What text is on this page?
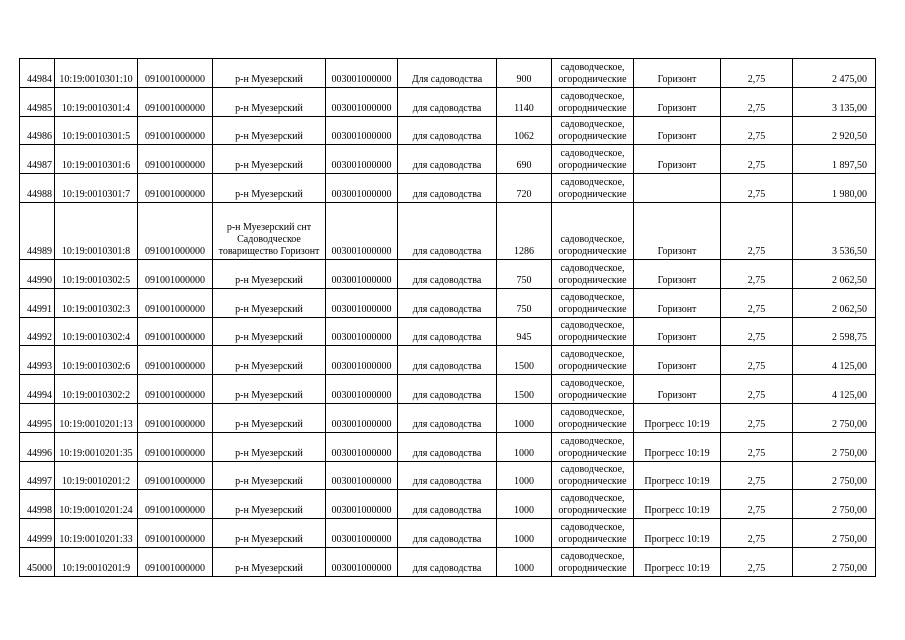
44984	10:19:0010301:10	091001000000	р-н Муезерский	003001000000	Для садоводства	900	садоводческое, огороднические	Горизонт	2,75	2 475,00
44985	10:19:0010301:4	091001000000	р-н Муезерский	003001000000	для садоводства	1140	садоводческое, огороднические	Горизонт	2,75	3 135,00
44986	10:19:0010301:5	091001000000	р-н Муезерский	003001000000	для садоводства	1062	садоводческое, огороднические	Горизонт	2,75	2 920,50
44987	10:19:0010301:6	091001000000	р-н Муезерский	003001000000	для садоводства	690	садоводческое, огороднические	Горизонт	2,75	1 897,50
44988	10:19:0010301:7	091001000000	р-н Муезерский	003001000000	для садоводства	720	садоводческое, огороднические		2,75	1 980,00
44989	10:19:0010301:8	091001000000	р-н Муезерский снт Садоводческое товарищество Горизонт	003001000000	для садоводства	1286	садоводческое, огороднические	Горизонт	2,75	3 536,50
44990	10:19:0010302:5	091001000000	р-н Муезерский	003001000000	для садоводства	750	садоводческое, огороднические	Горизонт	2,75	2 062,50
44991	10:19:0010302:3	091001000000	р-н Муезерский	003001000000	для садоводства	750	садоводческое, огороднические	Горизонт	2,75	2 062,50
44992	10:19:0010302:4	091001000000	р-н Муезерский	003001000000	для садоводства	945	садоводческое, огороднические	Горизонт	2,75	2 598,75
44993	10:19:0010302:6	091001000000	р-н Муезерский	003001000000	для садоводства	1500	садоводческое, огороднические	Горизонт	2,75	4 125,00
44994	10:19:0010302:2	091001000000	р-н Муезерский	003001000000	для садоводства	1500	садоводческое, огороднические	Горизонт	2,75	4 125,00
44995	10:19:0010201:13	091001000000	р-н Муезерский	003001000000	для садоводства	1000	садоводческое, огороднические	Прогресс 10:19	2,75	2 750,00
44996	10:19:0010201:35	091001000000	р-н Муезерский	003001000000	для садоводства	1000	садоводческое, огороднические	Прогресс 10:19	2,75	2 750,00
44997	10:19:0010201:2	091001000000	р-н Муезерский	003001000000	для садоводства	1000	садоводческое, огороднические	Прогресс 10:19	2,75	2 750,00
44998	10:19:0010201:24	091001000000	р-н Муезерский	003001000000	для садоводства	1000	садоводческое, огороднические	Прогресс 10:19	2,75	2 750,00
44999	10:19:0010201:33	091001000000	р-н Муезерский	003001000000	для садоводства	1000	садоводческое, огороднические	Прогресс 10:19	2,75	2 750,00
45000	10:19:0010201:9	091001000000	р-н Муезерский	003001000000	для садоводства	1000	садоводческое, огороднические	Прогресс 10:19	2,75	2 750,00
